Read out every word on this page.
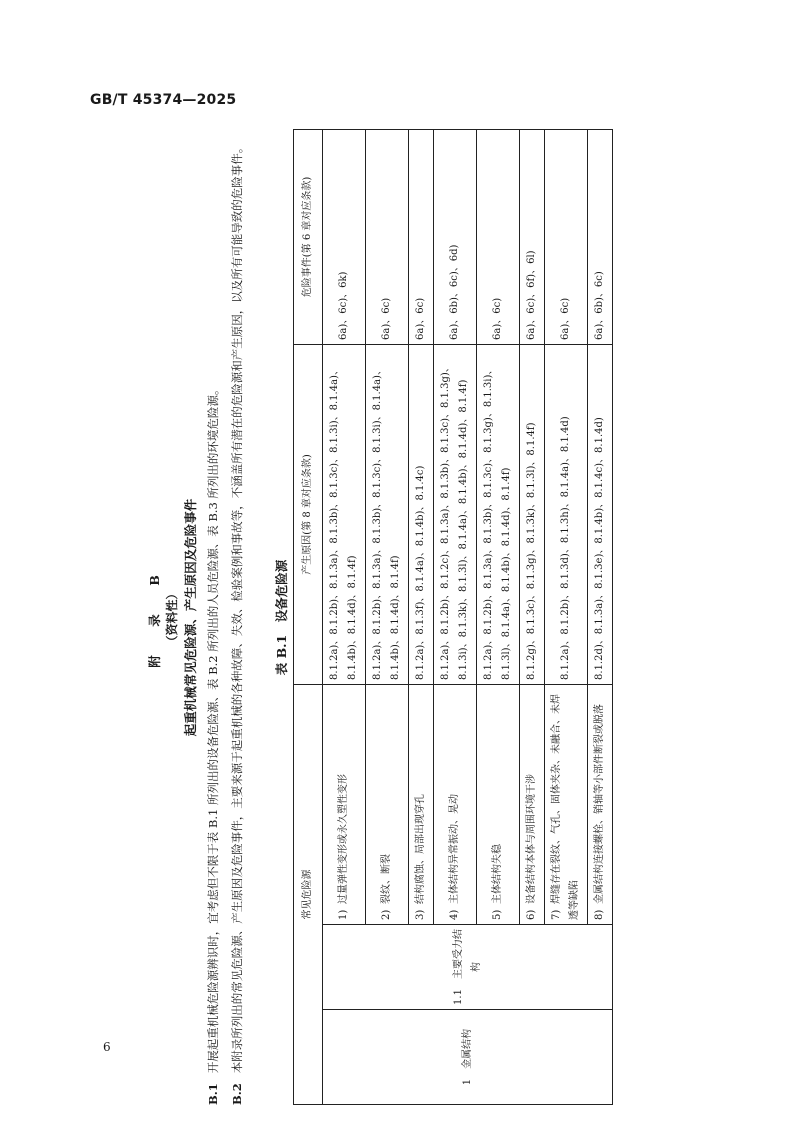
GB/T 45374—2025
6
附　录　B （资料性） 起重机械常见危险源、产生原因及危险事件
B.1开展起重机械危险源辨识时，宜考虑但不限于表 B.1 所列出的设备危险源、表 B.2 所列出的人员危险源、表 B.3 所列出的环境危险源。
B.2本附录所列出的常见危险源、产生原因及危险事件，主要来源于起重机械的各种故障、失效、检验案例和事故等，不涵盖所有潜在的危险源和产生原因，以及所有可能导致的危险事件。	表 B.1　设备危险源
常见危险源			产生原因(第 8 章对应条款)	危险事件(第 6 章对应条款)
1　金属结构	1.1　主要受力结构	1)过量弹性变形或永久塑性变形	8.1.2a)、8.1.2b)、8.1.3a)、8.1.3b)、8.1.3c)、8.1.3i)、8.1.4a)、8.1.4b)、8.1.4d)、8.1.4f)	6a)、6c)、6k)
		2)裂纹、断裂	8.1.2a)、8.1.2b)、8.1.3a)、8.1.3b)、8.1.3c)、8.1.3i)、8.1.4a)、8.1.4b)、8.1.4d)、8.1.4f)	6a)、6c)
		3)结构腐蚀、局部出现穿孔	8.1.2a)、8.1.3f)、8.1.4a)、8.1.4b)、8.1.4c)	6a)、6c)
		4)主体结构异常振动、晃动	8.1.2a)、8.1.2b)、8.1.2c)、8.1.3a)、8.1.3b)、8.1.3c)、8.1.3g)、8.1.3i)、8.1.3k)、8.1.3l)、8.1.4a)、8.1.4b)、8.1.4d)、8.1.4f)	6a)、6b)、6c)、6d)
		5)主体结构失稳	8.1.2a)、8.1.2b)、8.1.3a)、8.1.3b)、8.1.3c)、8.1.3g)、8.1.3i)、8.1.3l)、8.1.4a)、8.1.4b)、8.1.4d)、8.1.4f)	6a)、6c)
		6)设备结构本体与周围环境干涉	8.1.2g)、8.1.3c)、8.1.3g)、8.1.3k)、8.1.3l)、8.1.4f)	6a)、6c)、6f)、6l)
		7)焊缝存在裂纹、气孔、固体夹杂、未融合、未焊透等缺陷	8.1.2a)、8.1.2b)、8.1.3d)、8.1.3h)、8.1.4a)、8.1.4d)	6a)、6c)
		8)金属结构连接螺栓、销轴等小部件断裂或脱落	8.1.2d)、8.1.3a)、8.1.3e)、8.1.4b)、8.1.4c)、8.1.4d)	6a)、6b)、6c)
